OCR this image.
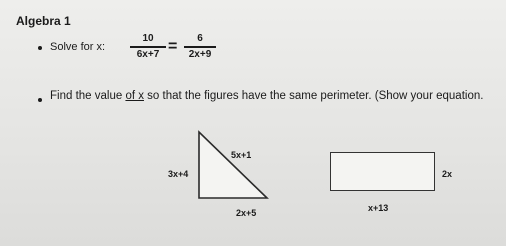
Algebra 1
Solve for x:
10
6x+7 =	6
2x+9
Find the value of x so that the figures have the same perimeter. (Show your equation.
5x+1
3x+4
2x+5
2x
x+13
